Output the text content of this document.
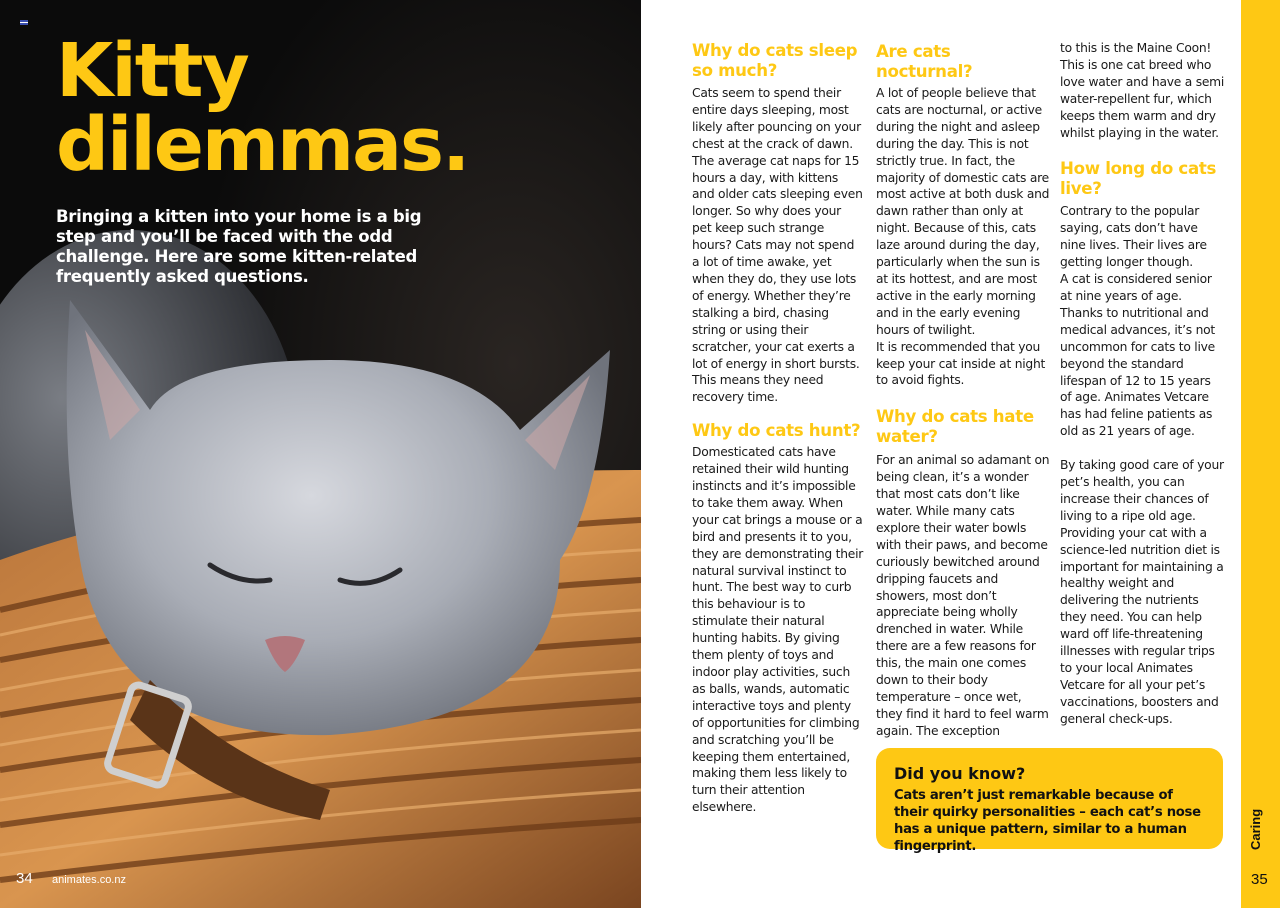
Kitty
dilemmas.

Bringing a kitten into your home is a big step and you’ll be faced with the odd challenge. Here are some kitten-related frequently asked questions.

34 animates.co.nz
Why do cats sleep so much?

Cats seem to spend their entire days sleeping, most likely after pouncing on your chest at the crack of dawn. The average cat naps for 15 hours a day, with kittens and older cats sleeping even longer. So why does your pet keep such strange hours? Cats may not spend a lot of time awake, yet when they do, they use lots of energy. Whether they’re stalking a bird, chasing string or using their scratcher, your cat exerts a lot of energy in short bursts. This means they need recovery time.

Why do cats hunt?

Domesticated cats have retained their wild hunting instincts and it’s impossible to take them away. When your cat brings a mouse or a bird and presents it to you, they are demonstrating their natural survival instinct to hunt. The best way to curb this behaviour is to stimulate their natural hunting habits. By giving them plenty of toys and indoor play activities, such as balls, wands, automatic interactive toys and plenty of opportunities for climbing and scratching you’ll be keeping them entertained, making them less likely to turn their attention elsewhere.

Are cats nocturnal?

A lot of people believe that cats are nocturnal, or active during the night and asleep during the day. This is not strictly true. In fact, the majority of domestic cats are most active at both dusk and dawn rather than only at night. Because of this, cats laze around during the day, particularly when the sun is at its hottest, and are most active in the early morning and in the early evening hours of twilight.

It is recommended that you keep your cat inside at night to avoid fights.

Why do cats hate water?

For an animal so adamant on being clean, it’s a wonder that most cats don’t like water. While many cats explore their water bowls with their paws, and become curiously bewitched around dripping faucets and showers, most don’t appreciate being wholly drenched in water. While there are a few reasons for this, the main one comes down to their body temperature – once wet, they find it hard to feel warm again. The exception

to this is the Maine Coon! This is one cat breed who love water and have a semi water-repellent fur, which keeps them warm and dry whilst playing in the water.

How long do cats live?

Contrary to the popular saying, cats don’t have nine lives. Their lives are getting longer though.

A cat is considered senior at nine years of age. Thanks to nutritional and medical advances, it’s not uncommon for cats to live beyond the standard lifespan of 12 to 15 years of age. Animates Vetcare has had feline patients as old as 21 years of age.

By taking good care of your pet’s health, you can increase their chances of living to a ripe old age. Providing your cat with a science-led nutrition diet is important for maintaining a healthy weight and delivering the nutrients they need. You can help ward off life-threatening illnesses with regular trips to your local Animates Vetcare for all your pet’s vaccinations, boosters and general check-ups.

Did you know?
Cats aren’t just remarkable because of their quirky personalities – each cat’s nose has a unique pattern, similar to a human fingerprint.	Caring
35
